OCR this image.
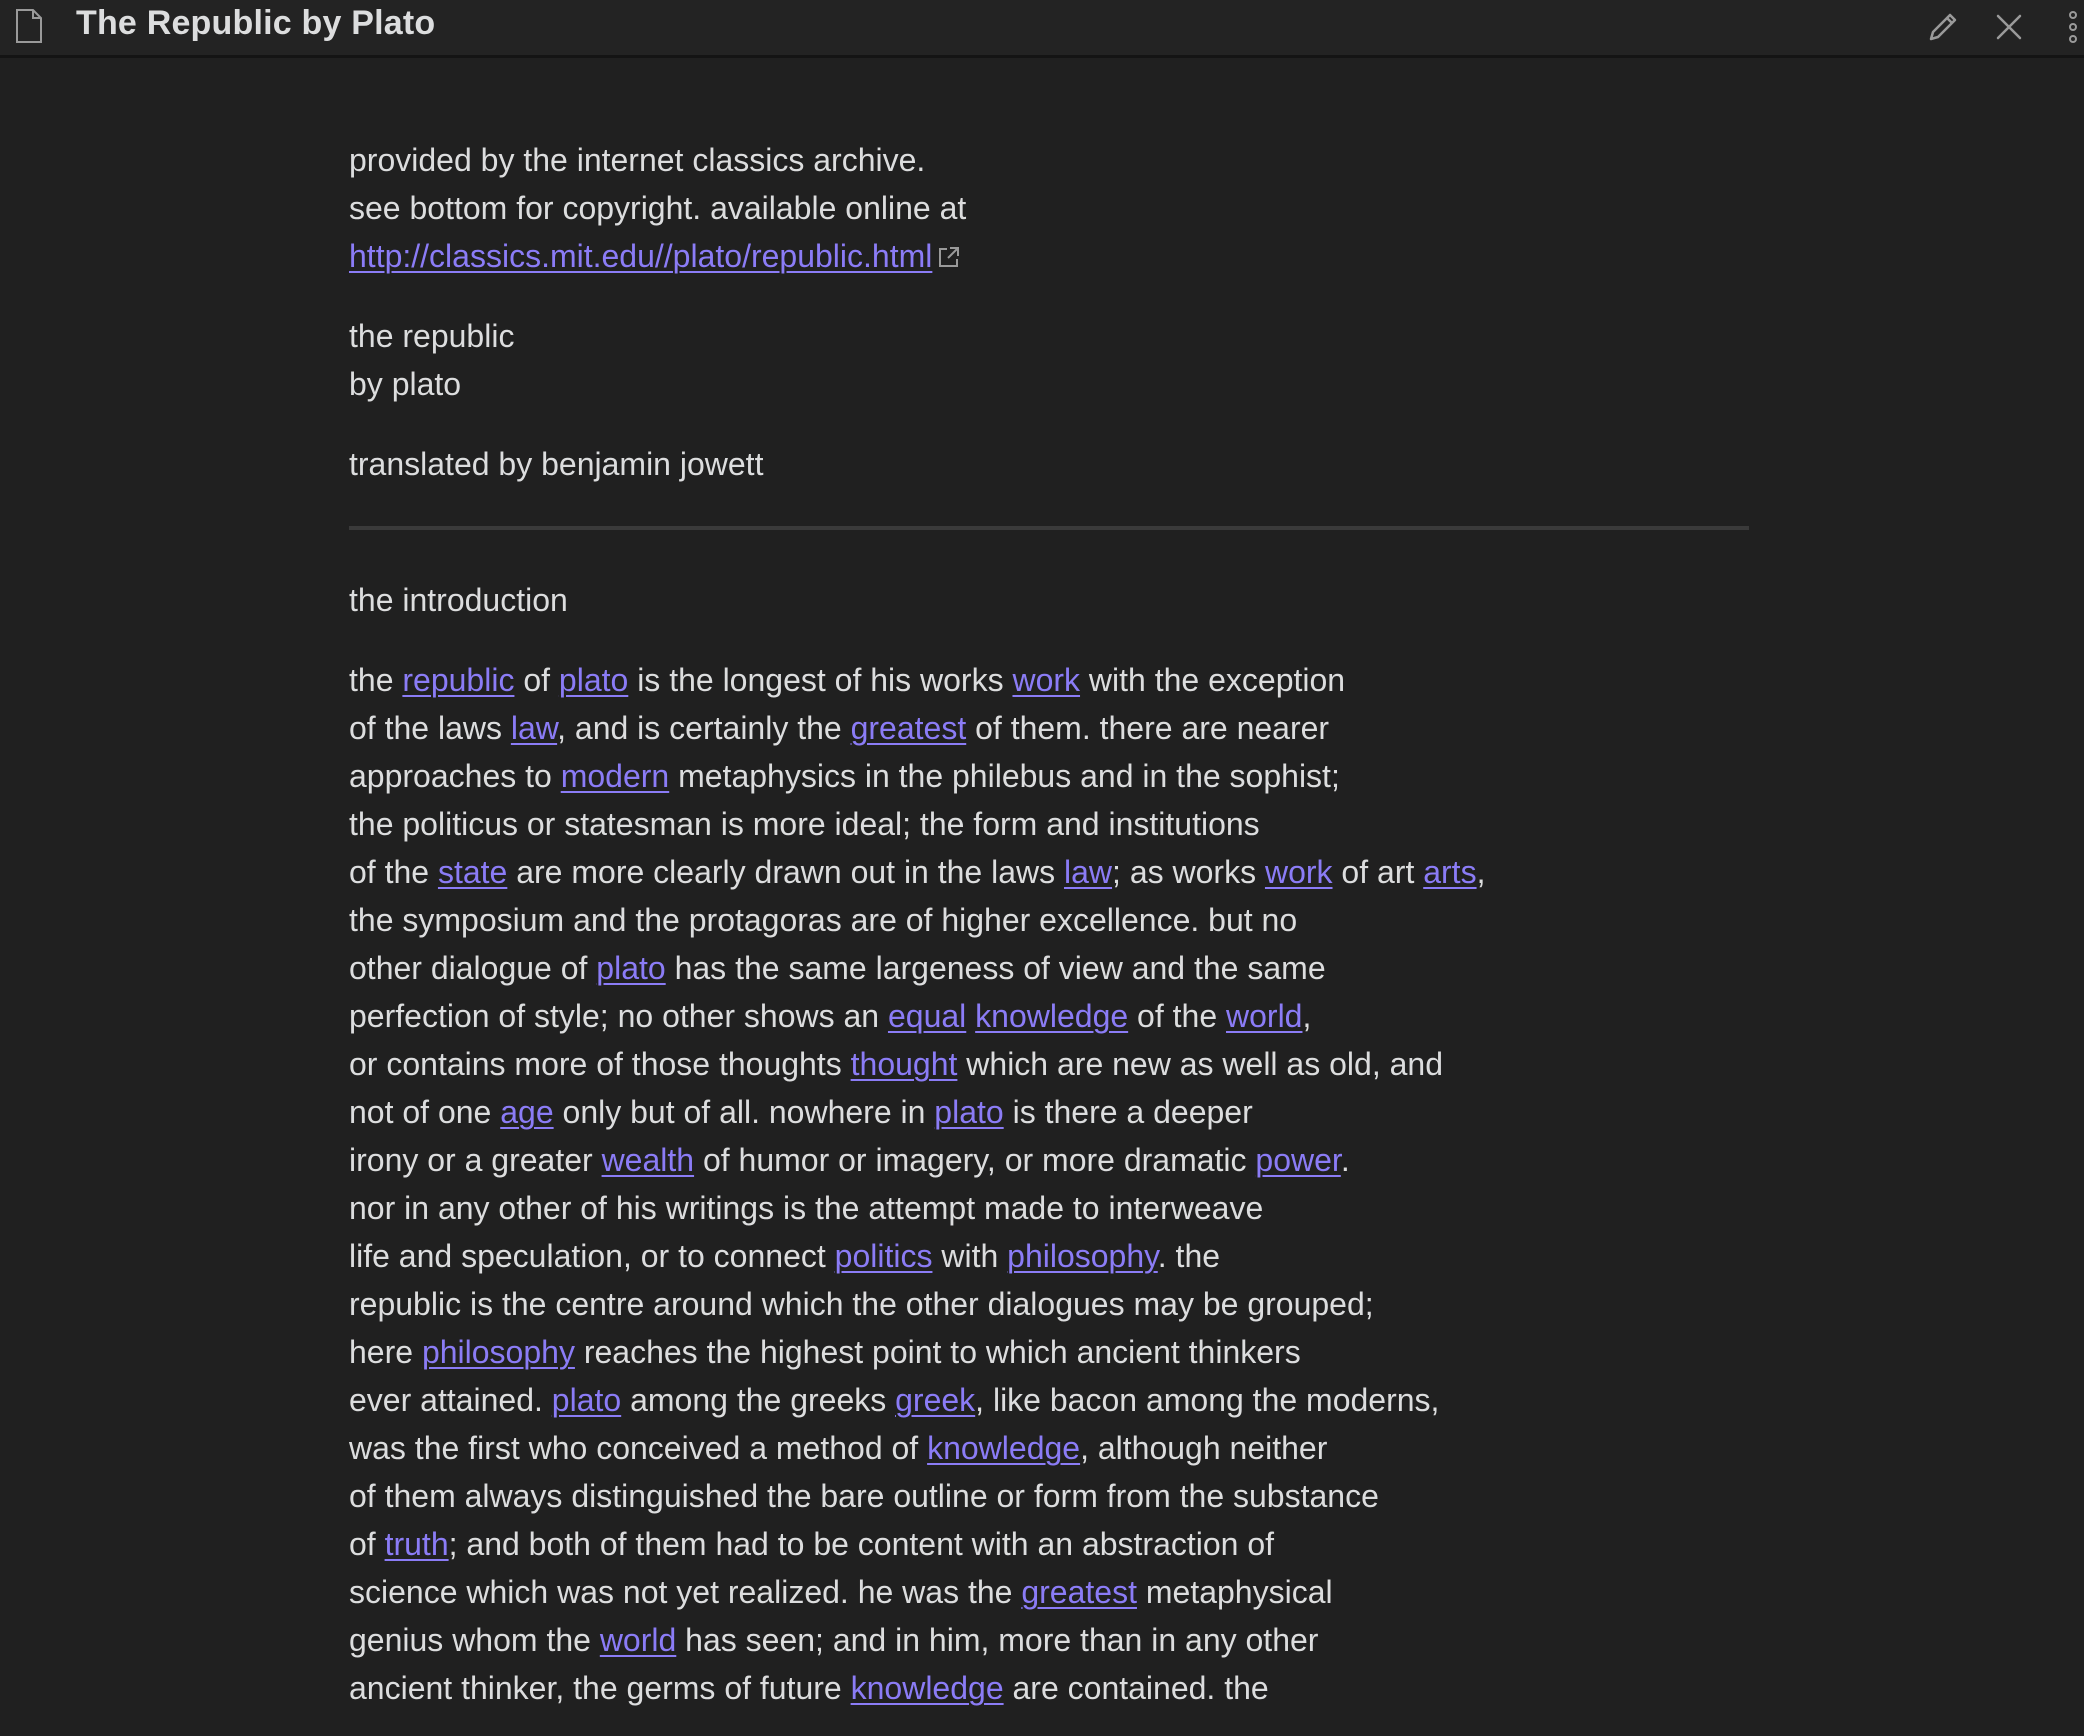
The Republic by Plato
provided by the internet classics archive.
see bottom for copyright. available online at
http://classics.mit.edu//plato/republic.html
the republic
by plato
translated by benjamin jowett
the introduction
the republic of plato is the longest of his works work with the exception
of the laws law, and is certainly the greatest of them. there are nearer
approaches to modern metaphysics in the philebus and in the sophist;
the politicus or statesman is more ideal; the form and institutions
of the state are more clearly drawn out in the laws law; as works work of art arts,
the symposium and the protagoras are of higher excellence. but no
other dialogue of plato has the same largeness of view and the same
perfection of style; no other shows an equal knowledge of the world,
or contains more of those thoughts thought which are new as well as old, and
not of one age only but of all. nowhere in plato is there a deeper
irony or a greater wealth of humor or imagery, or more dramatic power.
nor in any other of his writings is the attempt made to interweave
life and speculation, or to connect politics with philosophy. the
republic is the centre around which the other dialogues may be grouped;
here philosophy reaches the highest point to which ancient thinkers
ever attained. plato among the greeks greek, like bacon among the moderns,
was the first who conceived a method of knowledge, although neither
of them always distinguished the bare outline or form from the substance
of truth; and both of them had to be content with an abstraction of
science which was not yet realized. he was the greatest metaphysical
genius whom the world has seen; and in him, more than in any other
ancient thinker, the germs of future knowledge are contained. the
